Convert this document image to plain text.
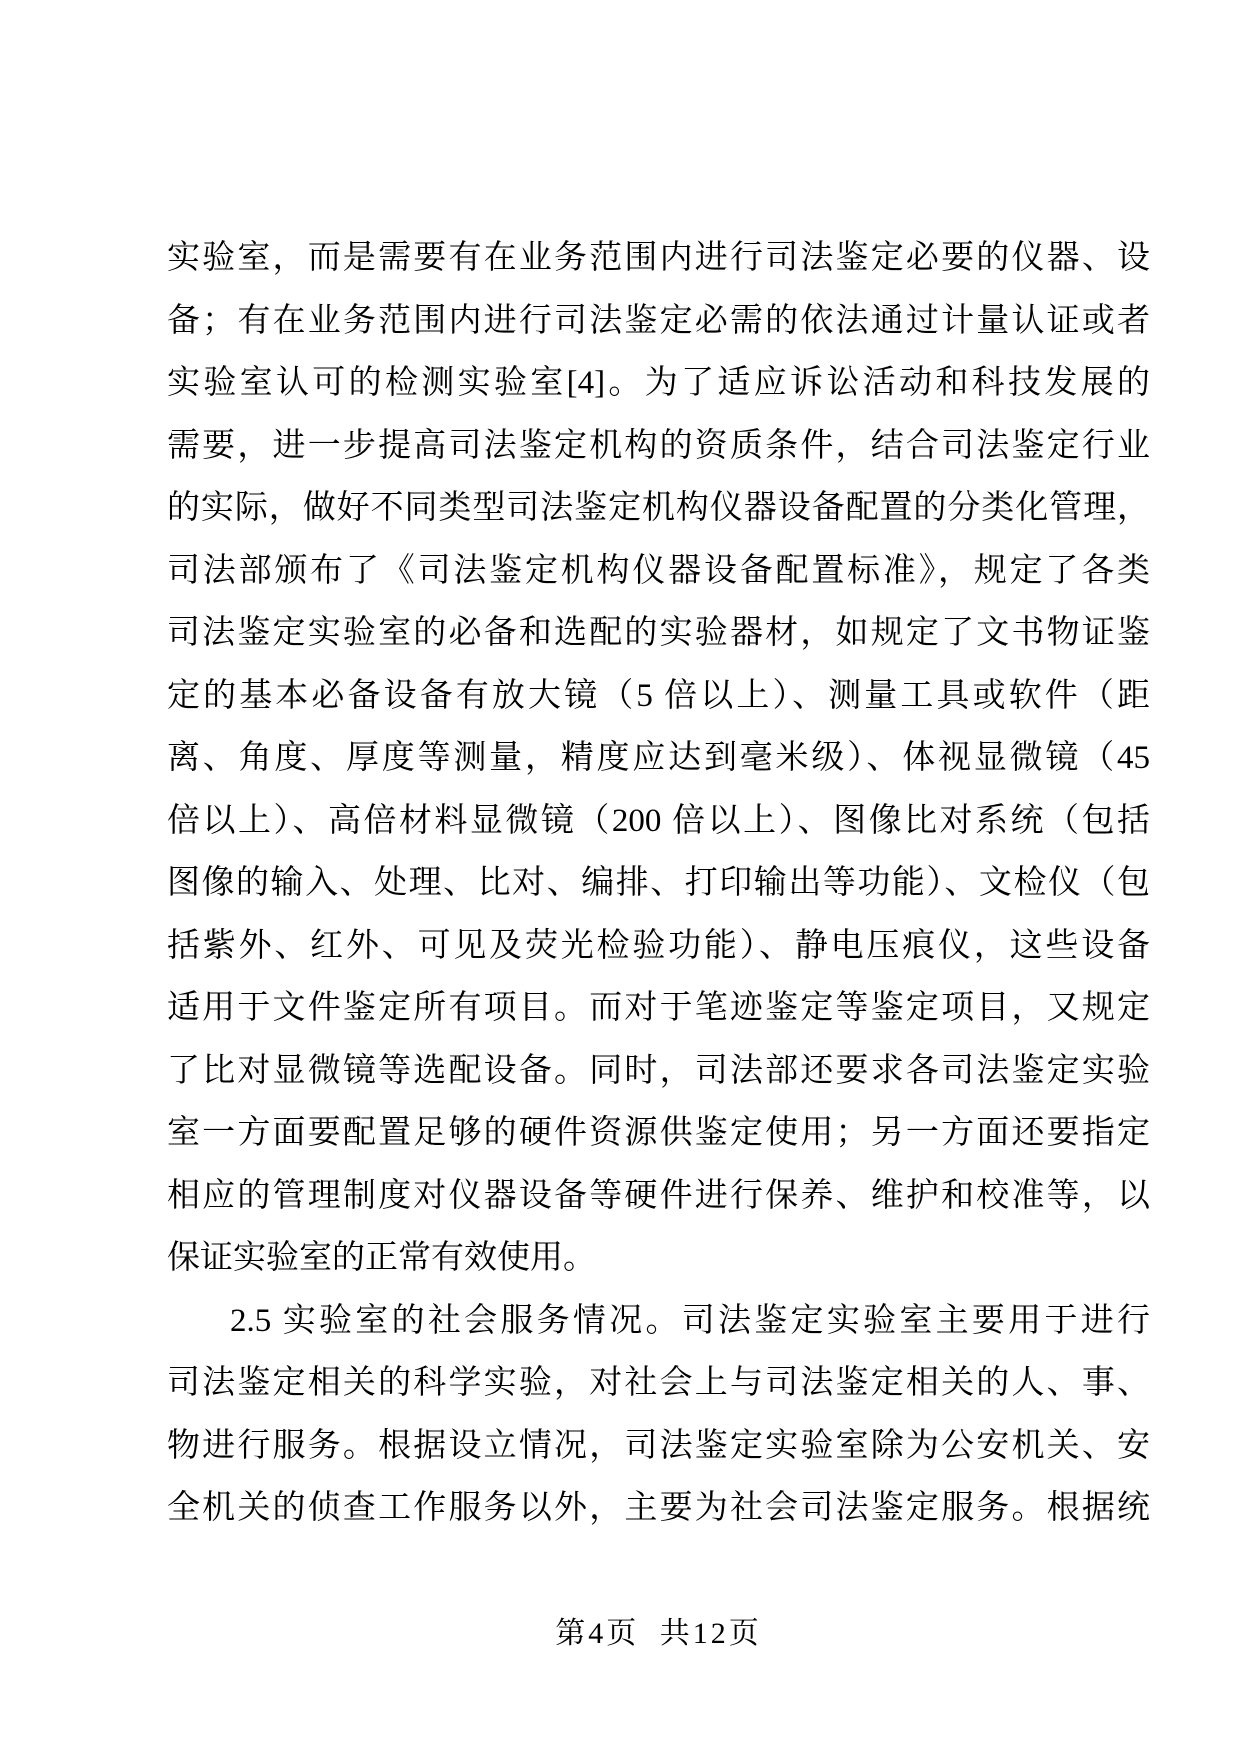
实验室，而是需要有在业务范围内进行司法鉴定必要的仪器、设
备；有在业务范围内进行司法鉴定必需的依法通过计量认证或者
实验室认可的检测实验室[4]。为了适应诉讼活动和科技发展的
需要，进一步提高司法鉴定机构的资质条件，结合司法鉴定行业
的实际，做好不同类型司法鉴定机构仪器设备配置的分类化管理，
司法部颁布了《司法鉴定机构仪器设备配置标准》，规定了各类
司法鉴定实验室的必备和选配的实验器材，如规定了文书物证鉴
定的基本必备设备有放大镜（5 倍以上）、测量工具或软件（距
离、角度、厚度等测量，精度应达到毫米级）、体视显微镜（45
倍以上）、高倍材料显微镜（200 倍以上）、图像比对系统（包括
图像的输入、处理、比对、编排、打印输出等功能）、文检仪（包
括紫外、红外、可见及荧光检验功能）、静电压痕仪，这些设备
适用于文件鉴定所有项目。而对于笔迹鉴定等鉴定项目，又规定
了比对显微镜等选配设备。同时，司法部还要求各司法鉴定实验
室一方面要配置足够的硬件资源供鉴定使用；另一方面还要指定
相应的管理制度对仪器设备等硬件进行保养、维护和校准等，以
保证实验室的正常有效使用。
2.5 实验室的社会服务情况。司法鉴定实验室主要用于进行
司法鉴定相关的科学实验，对社会上与司法鉴定相关的人、事、
物进行服务。根据设立情况，司法鉴定实验室除为公安机关、安
全机关的侦查工作服务以外，主要为社会司法鉴定服务。根据统
第4页 共12页
